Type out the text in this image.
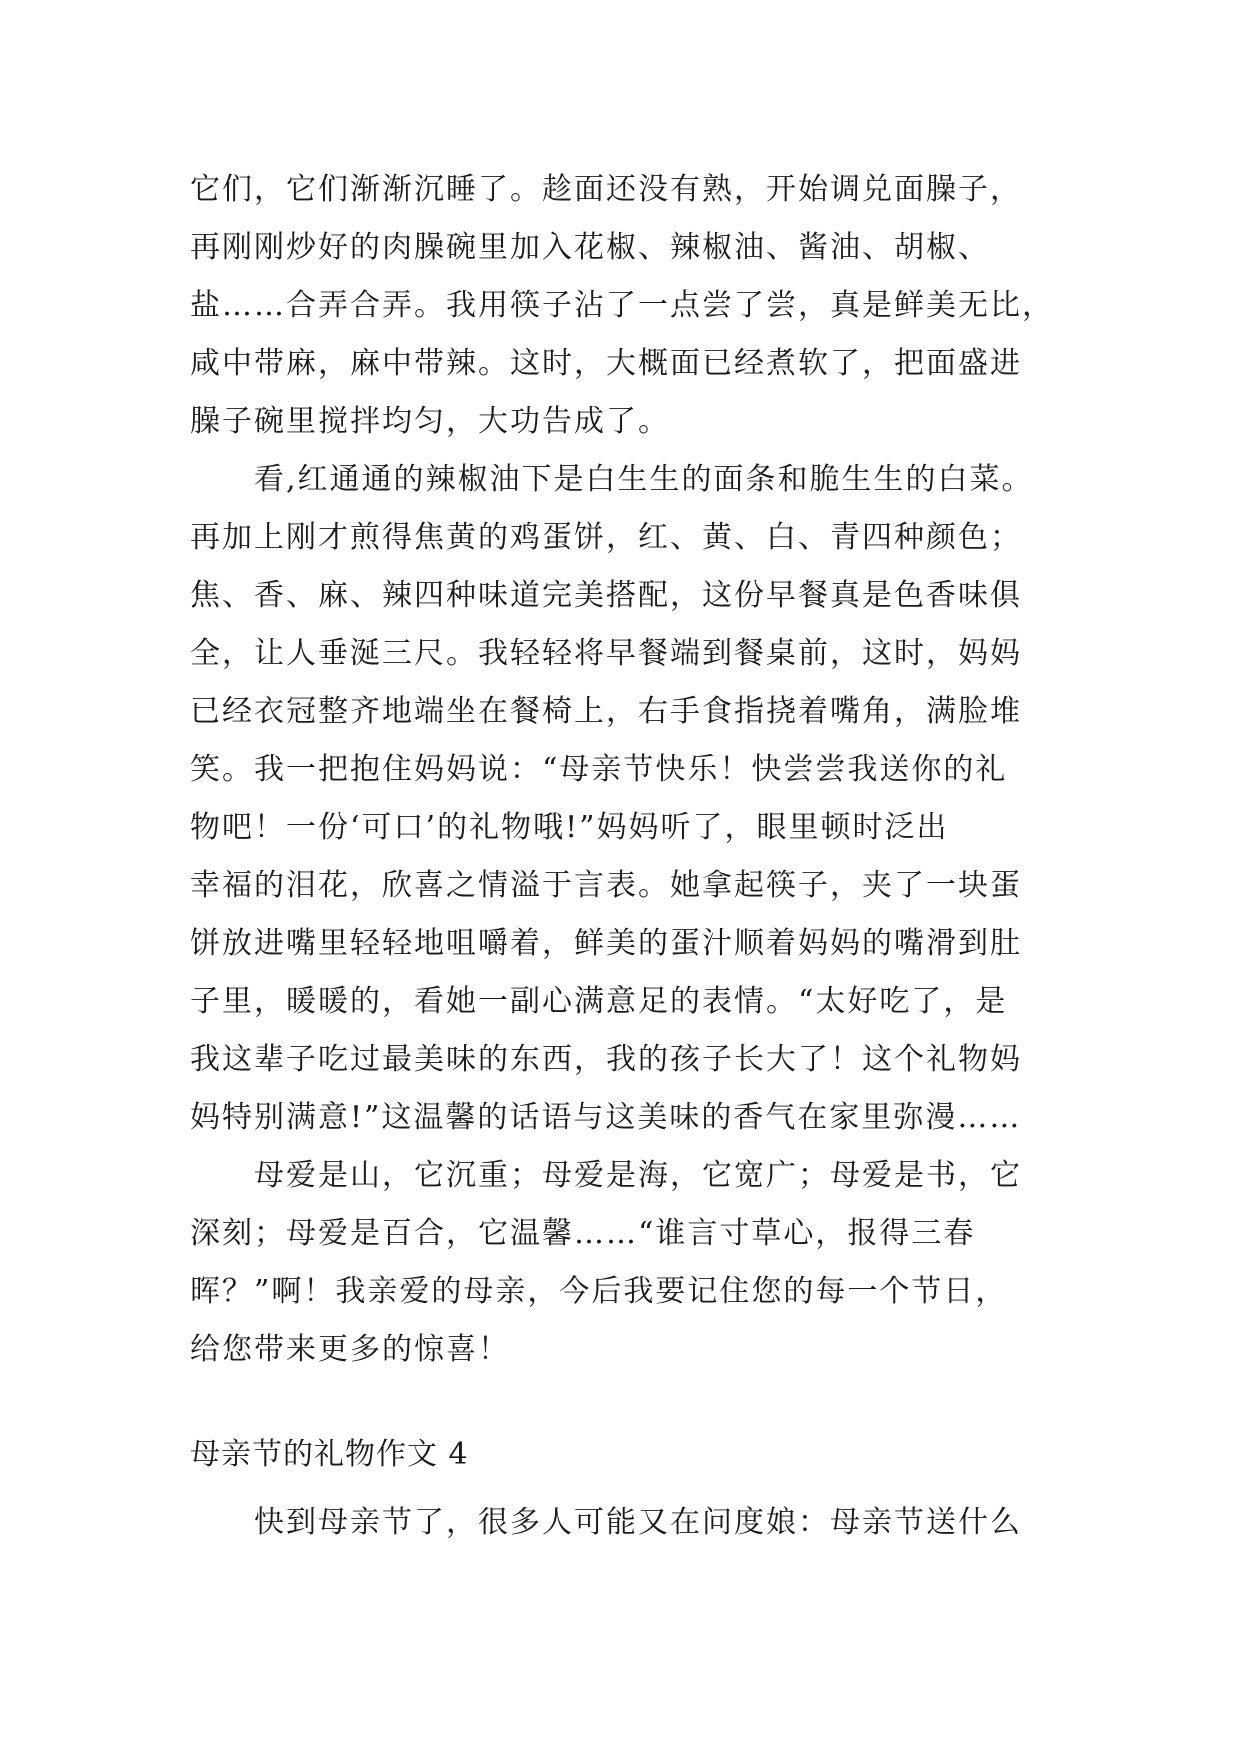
它们，它们渐渐沉睡了。趁面还没有熟，开始调兑面臊子，
再刚刚炒好的肉臊碗里加入花椒、辣椒油、酱油、胡椒、
盐……合弄合弄。我用筷子沾了一点尝了尝，真是鲜美无比，
咸中带麻，麻中带辣。这时，大概面已经煮软了，把面盛进
臊子碗里搅拌均匀，大功告成了。
看,红通通的辣椒油下是白生生的面条和脆生生的白菜。
再加上刚才煎得焦黄的鸡蛋饼，红、黄、白、青四种颜色；
焦、香、麻、辣四种味道完美搭配，这份早餐真是色香味俱
全，让人垂涎三尺。我轻轻将早餐端到餐桌前，这时，妈妈
已经衣冠整齐地端坐在餐椅上，右手食指挠着嘴角，满脸堆
笑。我一把抱住妈妈说：“母亲节快乐！快尝尝我送你的礼
物吧！一份‘可口’的礼物哦!”妈妈听了，眼里顿时泛出
幸福的泪花，欣喜之情溢于言表。她拿起筷子，夹了一块蛋
饼放进嘴里轻轻地咀嚼着，鲜美的蛋汁顺着妈妈的嘴滑到肚
子里，暖暖的，看她一副心满意足的表情。“太好吃了，是
我这辈子吃过最美味的东西，我的孩子长大了！这个礼物妈
妈特别满意!”这温馨的话语与这美味的香气在家里弥漫……
母爱是山，它沉重；母爱是海，它宽广；母爱是书，它
深刻；母爱是百合，它温馨……“谁言寸草心，报得三春
晖？”啊！我亲爱的母亲，今后我要记住您的每一个节日，
给您带来更多的惊喜！
母亲节的礼物作文 4
快到母亲节了，很多人可能又在问度娘：母亲节送什么
